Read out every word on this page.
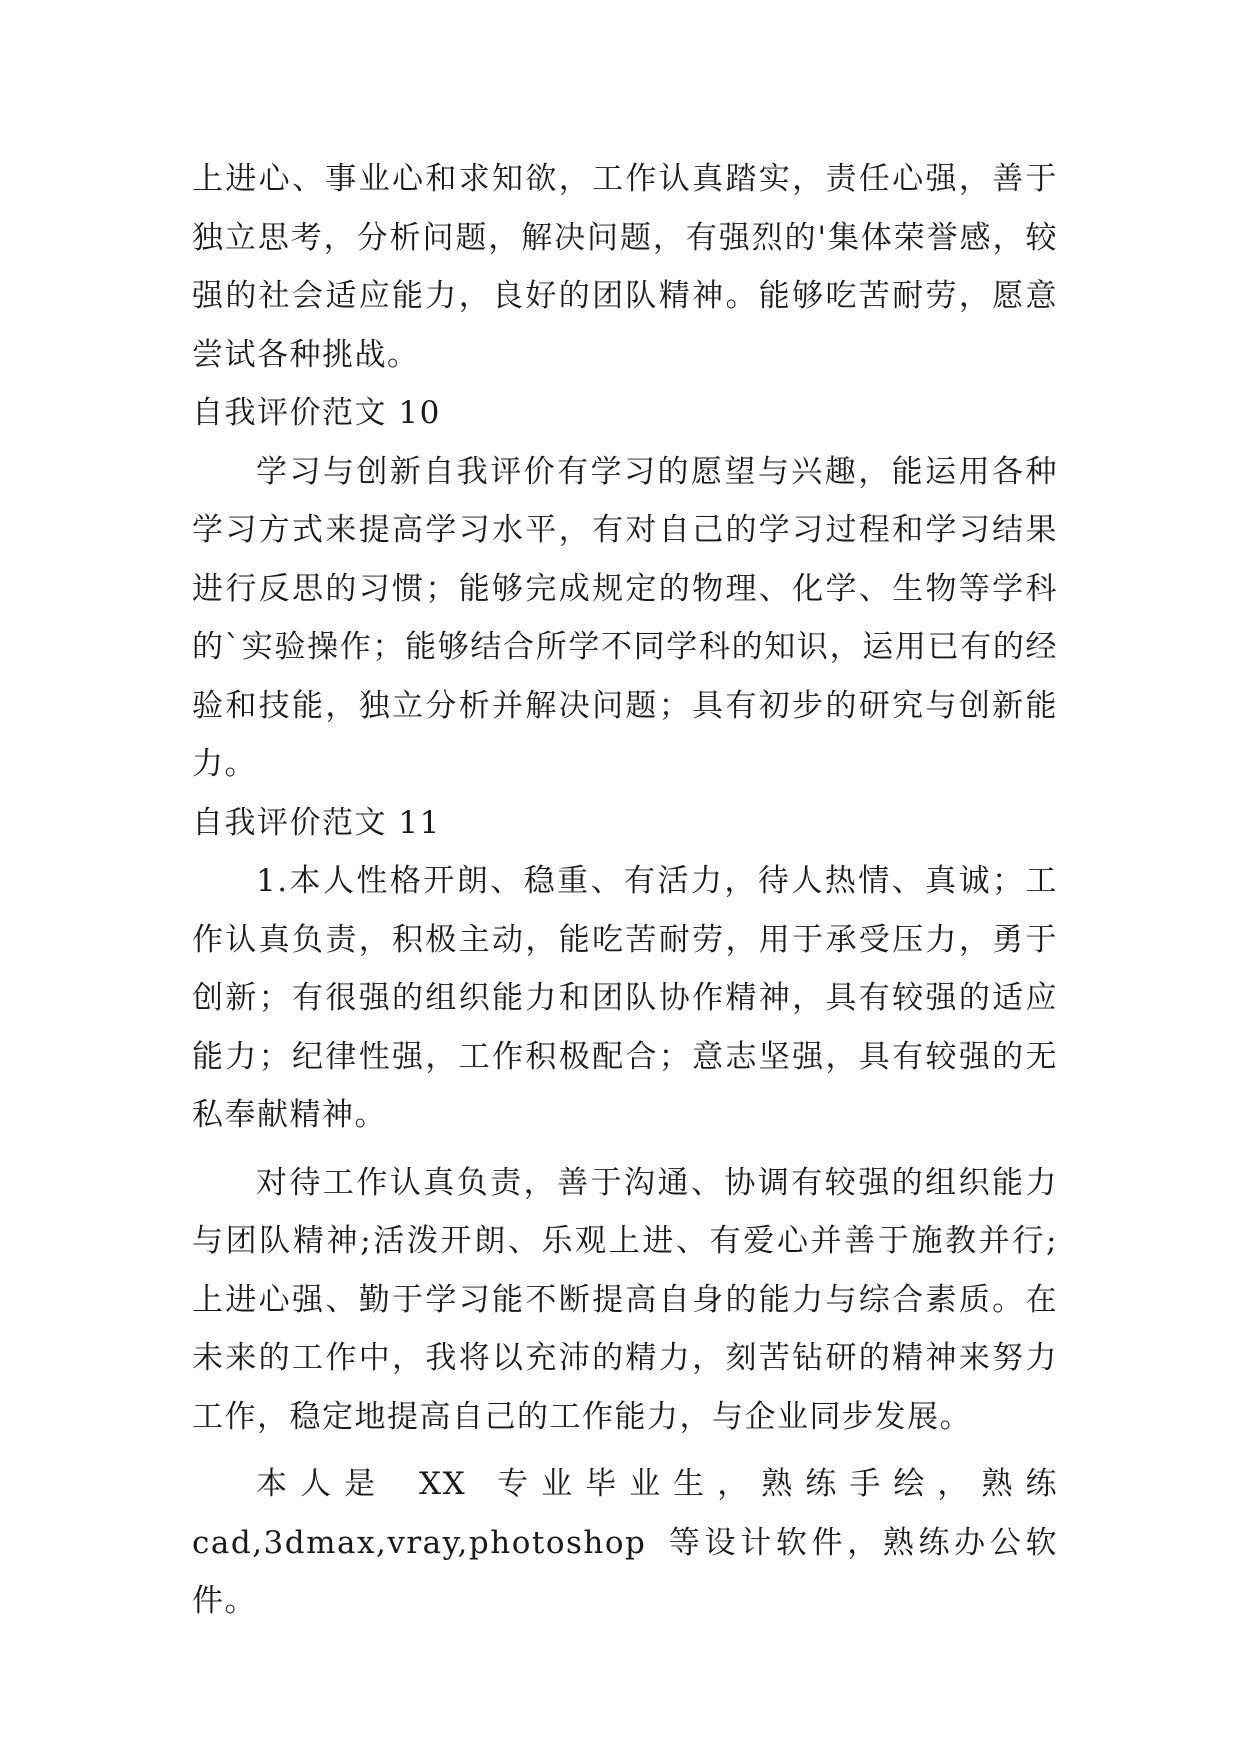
上进心、事业心和求知欲，工作认真踏实，责任心强，善于独立思考，分析问题，解决问题，有强烈的'集体荣誉感，较强的社会适应能力，良好的团队精神。能够吃苦耐劳，愿意尝试各种挑战。

自我评价范文 10

学习与创新自我评价有学习的愿望与兴趣，能运用各种学习方式来提高学习水平，有对自己的学习过程和学习结果进行反思的习惯；能够完成规定的物理、化学、生物等学科的`实验操作；能够结合所学不同学科的知识，运用已有的经验和技能，独立分析并解决问题；具有初步的研究与创新能力。

自我评价范文 11

1.本人性格开朗、稳重、有活力，待人热情、真诚；工作认真负责，积极主动，能吃苦耐劳，用于承受压力，勇于创新；有很强的组织能力和团队协作精神，具有较强的适应能力；纪律性强，工作积极配合；意志坚强，具有较强的无私奉献精神。

对待工作认真负责，善于沟通、协调有较强的组织能力与团队精神;活泼开朗、乐观上进、有爱心并善于施教并行;上进心强、勤于学习能不断提高自身的能力与综合素质。在未来的工作中，我将以充沛的精力，刻苦钻研的精神来努力工作，稳定地提高自己的工作能力，与企业同步发展。

本人是 XX 专业毕业生，熟练手绘，熟练cad,3dmax,vray,photoshop 等设计软件，熟练办公软件。
